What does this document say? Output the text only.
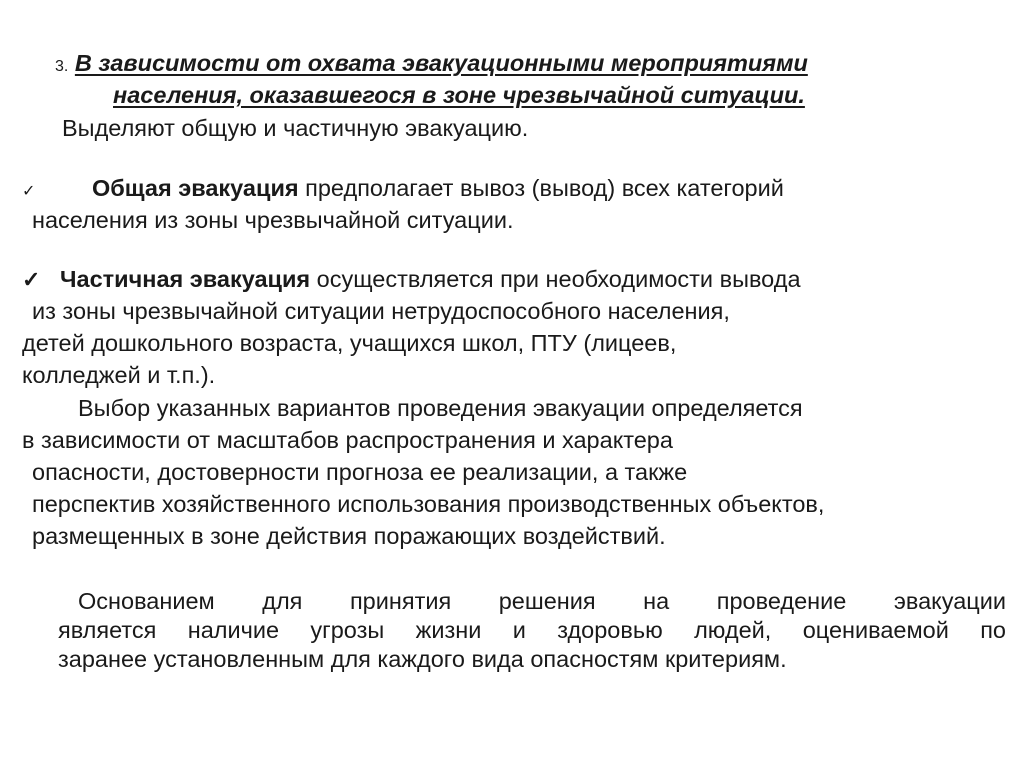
3. В зависимости от охвата эвакуационными мероприятиями
населения, оказавшегося в зоне чрезвычайной ситуации.
Выделяют общую и частичную эвакуацию.
✓ Общая эвакуация предполагает вывоз (вывод) всех категорий
населения из зоны чрезвычайной ситуации.
✓ Частичная эвакуация осуществляется при необходимости вывода
из зоны чрезвычайной ситуации нетрудоспособного населения,
детей дошкольного возраста, учащихся школ, ПТУ (лицеев,
колледжей и т.п.).
Выбор указанных вариантов проведения эвакуации определяется
в зависимости от масштабов распространения и характера
опасности, достоверности прогноза ее реализации, а также
перспектив хозяйственного использования производственных объектов,
размещенных в зоне действия поражающих воздействий.
Основанием для принятия решения на проведение эвакуации
является наличие угрозы жизни и здоровью людей, оцениваемой по
заранее установленным для каждого вида опасностям критериям.
